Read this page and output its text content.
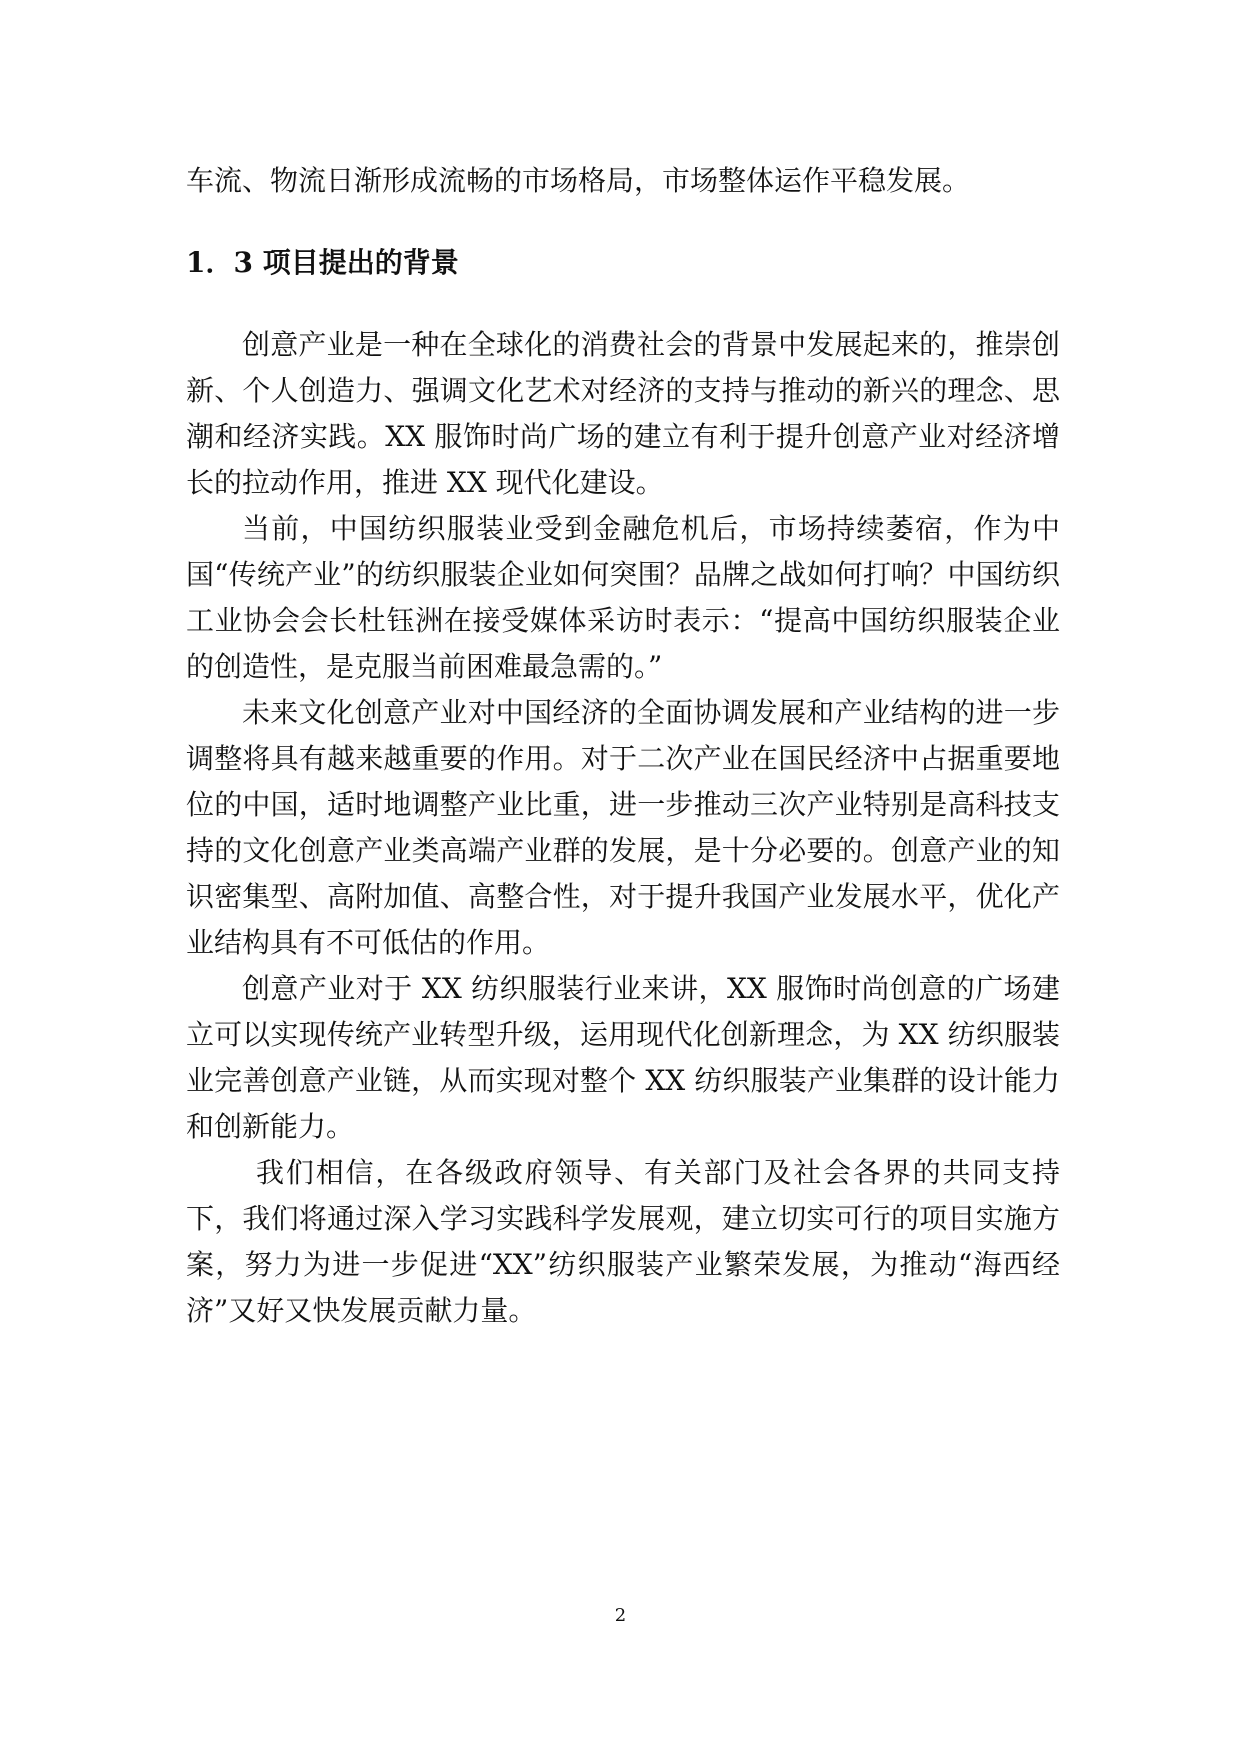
车流、物流日渐形成流畅的市场格局，市场整体运作平稳发展。

1．3 项目提出的背景

创意产业是一种在全球化的消费社会的背景中发展起来的，推崇创新、个人创造力、强调文化艺术对经济的支持与推动的新兴的理念、思潮和经济实践。XX 服饰时尚广场的建立有利于提升创意产业对经济增长的拉动作用，推进 XX 现代化建设。

当前，中国纺织服装业受到金融危机后，市场持续萎宿，作为中国“传统产业”的纺织服装企业如何突围？品牌之战如何打响？中国纺织工业协会会长杜钰洲在接受媒体采访时表示：“提高中国纺织服装企业的创造性，是克服当前困难最急需的。”

未来文化创意产业对中国经济的全面协调发展和产业结构的进一步调整将具有越来越重要的作用。对于二次产业在国民经济中占据重要地位的中国，适时地调整产业比重，进一步推动三次产业特别是高科技支持的文化创意产业类高端产业群的发展，是十分必要的。创意产业的知识密集型、高附加值、高整合性，对于提升我国产业发展水平，优化产业结构具有不可低估的作用。

创意产业对于 XX 纺织服装行业来讲，XX 服饰时尚创意的广场建立可以实现传统产业转型升级，运用现代化创新理念，为 XX 纺织服装业完善创意产业链，从而实现对整个 XX 纺织服装产业集群的设计能力和创新能力。

我们相信，在各级政府领导、有关部门及社会各界的共同支持下，我们将通过深入学习实践科学发展观，建立切实可行的项目实施方案，努力为进一步促进“XX”纺织服装产业繁荣发展，为推动“海西经济”又好又快发展贡献力量。

2
